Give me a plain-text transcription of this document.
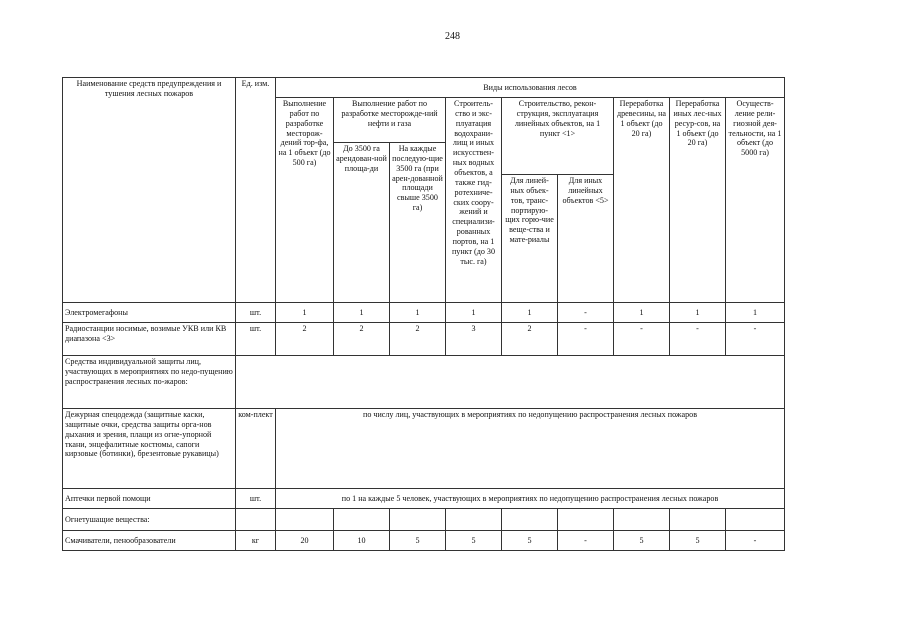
248
Наименование средств предупреждения и тушения лесных пожаров	Ед. изм.	Виды использования лесов								
		Выполнение работ по разработке месторож-дений тор-фа, на 1 объект (до 500 га)	Выполнение работ по разработке месторожде-ний нефти и газа		Строитель-ство и экс-плуатация водохрани-лищ и иных искусствен-ных водных объектов, а также гид-ротехниче-ских соору-жений и специализи-рованных портов, на 1 пункт (до 30 тыс. га)	Строительство, рекон-струкция, эксплуатация линейных объектов, на 1 пункт <1>		Переработка древесины, на 1 объект (до 20 га)	Переработка иных лес-ных ресур-сов, на 1 объект (до 20 га)	Осуществ-ление рели-гиозной дея-тельности, на 1 объект (до 5000 га)
			До 3500 га арендован-ной площа-ди	На каждые последую-щие 3500 га (при арен-дованной площади свыше 3500 га)						
						Для линей-ных объек-тов, транс-портирую-щих горю-чие веще-ства и мате-риалы	Для иных линейных объектов <5>			
Электромегафоны	шт.	1	1	1	1	1	-	1	1	1
Радиостанции носимые, возимые УКВ или КВ диапазона <3>	шт.	2	2	2	3	2	-	-	-	-
Средства индивидуальной защиты лиц, участвующих в мероприятиях по недо-пущению распространения лесных по-жаров:										
Дежурная спецодежда (защитные каски, защитные очки, средства защиты орга-нов дыхания и зрения, плащи из огне-упорной ткани, энцефалитные костюмы, сапоги кирзовые (ботинки), брезентовые рукавицы)	ком-плект	по числу лиц, участвующих в мероприятиях по недопущению распространения лесных пожаров								
Аптечки первой помощи	шт.	по 1 на каждые 5 человек, участвующих в мероприятиях по недопущению распространения лесных пожаров								
Огнетушащие вещества:										
Смачиватели, пенообразователи	кг	20	10	5	5	5	-	5	5	-
